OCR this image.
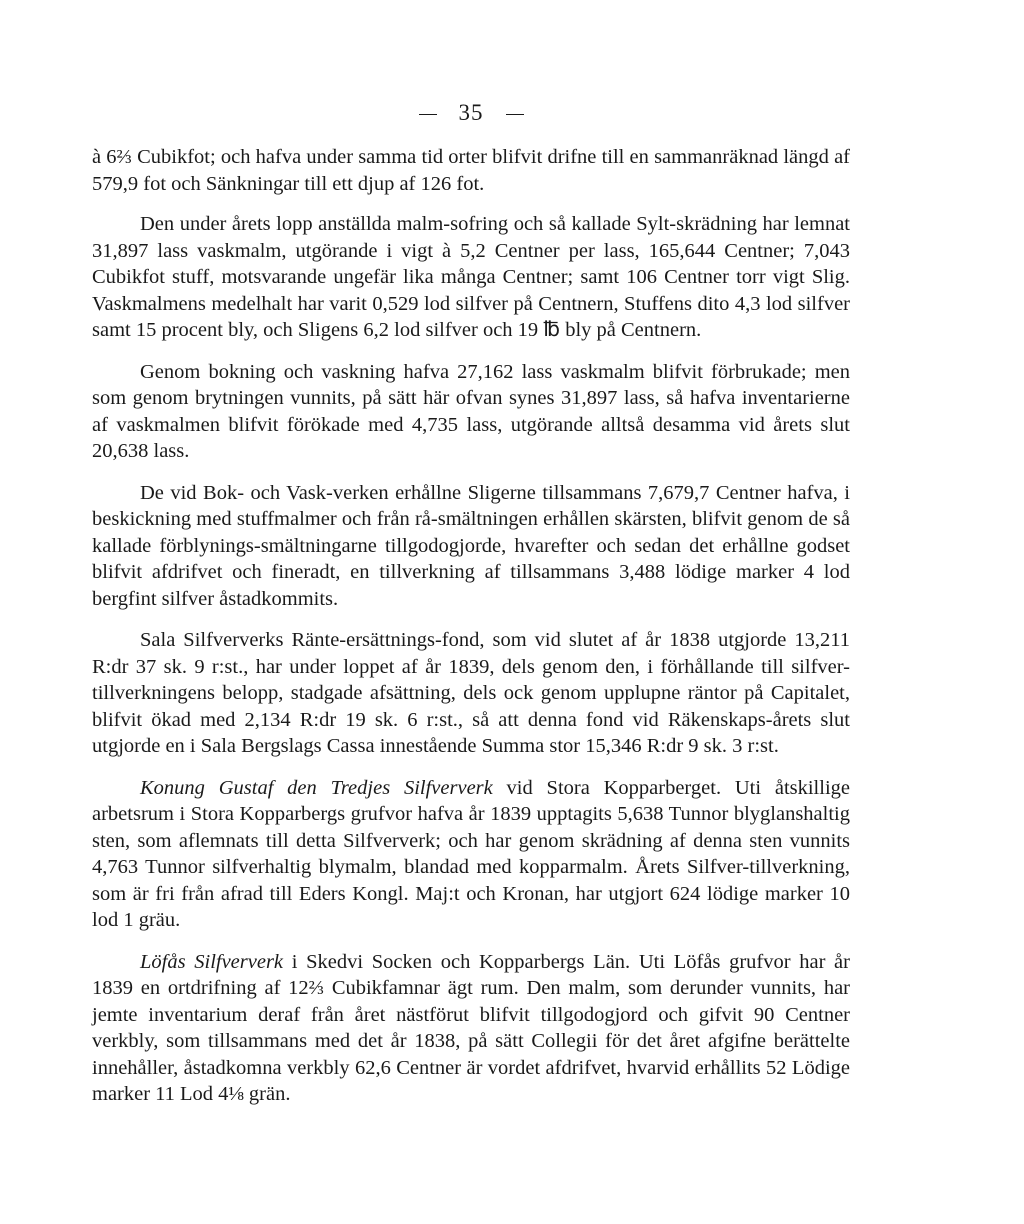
35

à 6⅔ Cubikfot; och hafva under samma tid orter blifvit drifne till en sammanräknad längd af 579,9 fot och Sänkningar till ett djup af 126 fot.

Den under årets lopp anställda malm-sofring och så kallade Sylt-skrädning har lemnat 31,897 lass vaskmalm, utgörande i vigt à 5,2 Centner per lass, 165,644 Centner; 7,043 Cubikfot stuff, motsvarande ungefär lika många Centner; samt 106 Centner torr vigt Slig. Vaskmalmens medelhalt har varit 0,529 lod silfver på Centnern, Stuffens dito 4,3 lod silfver samt 15 procent bly, och Sligens 6,2 lod silfver och 19 ℔ bly på Centnern.

Genom bokning och vaskning hafva 27,162 lass vaskmalm blifvit förbrukade; men som genom brytningen vunnits, på sätt här ofvan synes 31,897 lass, så hafva inventarierne af vaskmalmen blifvit förökade med 4,735 lass, utgörande alltså desamma vid årets slut 20,638 lass.

De vid Bok- och Vask-verken erhållne Sligerne tillsammans 7,679,7 Centner hafva, i beskickning med stuffmalmer och från rå-smältningen erhållen skärsten, blifvit genom de så kallade förblynings-smältningarne tillgodogjorde, hvarefter och sedan det erhållne godset blifvit afdrifvet och fineradt, en tillverkning af tillsammans 3,488 lödige marker 4 lod bergfint silfver åstadkommits.

Sala Silfververks Ränte-ersättnings-fond, som vid slutet af år 1838 utgjorde 13,211 R:dr 37 sk. 9 r:st., har under loppet af år 1839, dels genom den, i förhållande till silfver-tillverkningens belopp, stadgade afsättning, dels ock genom upplupne räntor på Capitalet, blifvit ökad med 2,134 R:dr 19 sk. 6 r:st., så att denna fond vid Räkenskaps-årets slut utgjorde en i Sala Bergslags Cassa innestående Summa stor 15,346 R:dr 9 sk. 3 r:st.

Konung Gustaf den Tredjes Silfververk vid Stora Kopparberget. Uti åtskillige arbetsrum i Stora Kopparbergs grufvor hafva år 1839 upptagits 5,638 Tunnor blyglanshaltig sten, som aflemnats till detta Silfververk; och har genom skrädning af denna sten vunnits 4,763 Tunnor silfverhaltig blymalm, blandad med kopparmalm. Årets Silfver-tillverkning, som är fri från afrad till Eders Kongl. Maj:t och Kronan, har utgjort 624 lödige marker 10 lod 1 gräu.

Löfås Silfververk i Skedvi Socken och Kopparbergs Län. Uti Löfås grufvor har år 1839 en ortdrifning af 12⅔ Cubikfamnar ägt rum. Den malm, som derunder vunnits, har jemte inventarium deraf från året nästförut blifvit tillgodogjord och gifvit 90 Centner verkbly, som tillsammans med det år 1838, på sätt Collegii för det året afgifne berättelte innehåller, åstadkomna verkbly 62,6 Centner är vordet afdrifvet, hvarvid erhållits 52 Lödige marker 11 Lod 4⅛ grän.
